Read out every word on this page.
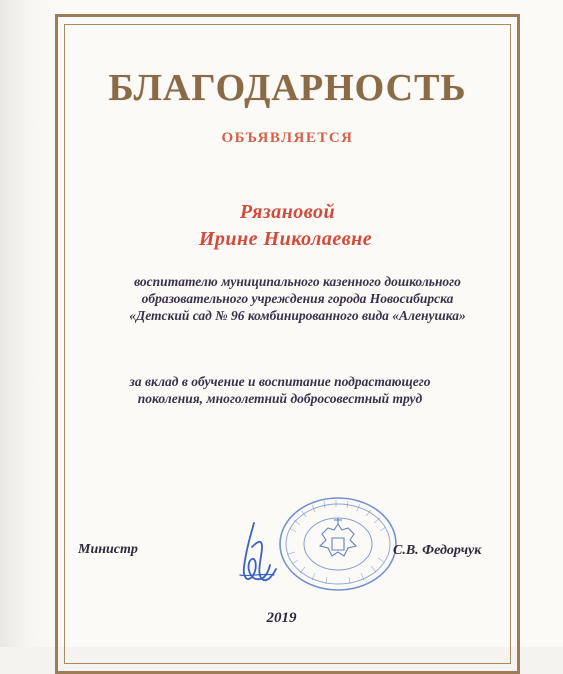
БЛАГОДАРНОСТЬ
ОБЪЯВЛЯЕТСЯ
Рязановой
Ирине Николаевне
воспитателю муниципального казенного дошкольного
образовательного учреждения города Новосибирска
«Детский сад № 96 комбинированного вида «Аленушка»
за вклад в обучение и воспитание подрастающего
поколения, многолетний добросовестный труд
Министр	С.В. Федорчук
2019
